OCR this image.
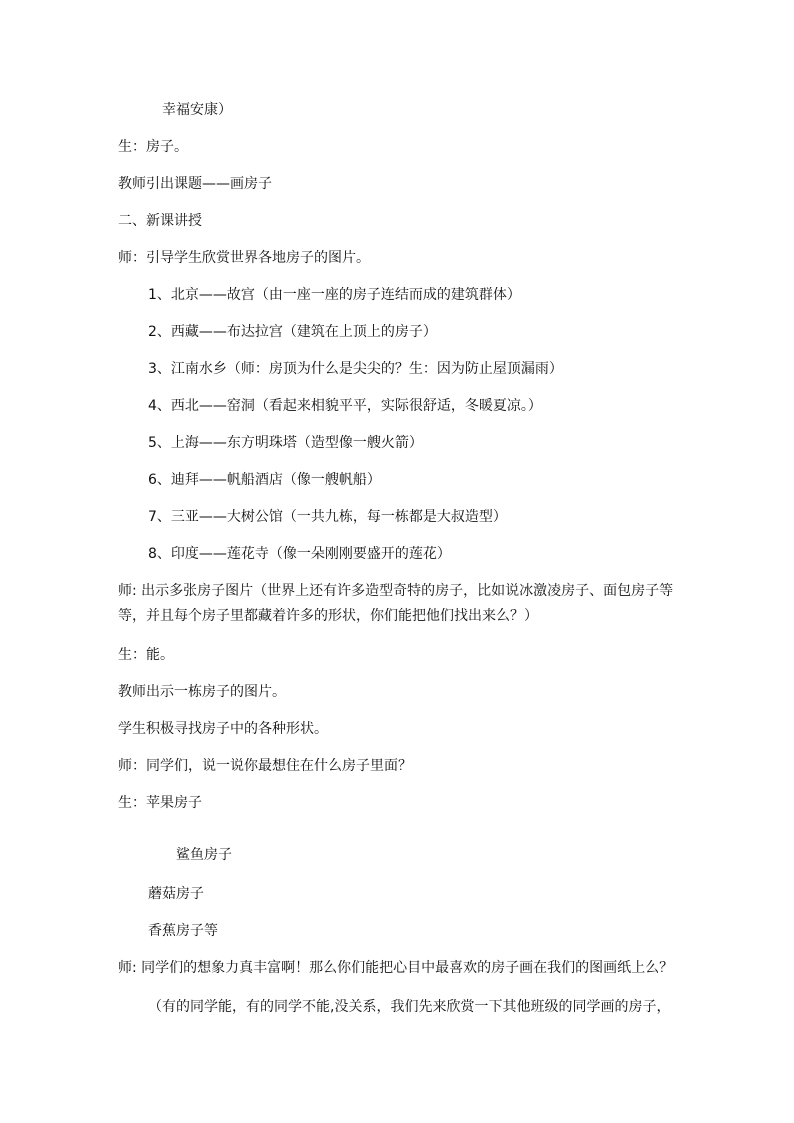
幸福安康）
生：房子。
教师引出课题——画房子
二、新课讲授
师：引导学生欣赏世界各地房子的图片。
1、北京——故宫（由一座一座的房子连结而成的建筑群体）
2、西藏——布达拉宫（建筑在上顶上的房子）
3、江南水乡（师：房顶为什么是尖尖的？生：因为防止屋顶漏雨）
4、西北——窑洞（看起来相貌平平，实际很舒适，冬暖夏凉。）
5、上海——东方明珠塔（造型像一艘火箭）
6、迪拜——帆船酒店（像一艘帆船）
7、三亚——大树公馆（一共九栋，每一栋都是大叔造型）
8、印度——莲花寺（像一朵刚刚要盛开的莲花）
师: 出示多张房子图片（世界上还有许多造型奇特的房子，比如说冰激凌房子、面包房子等
等，并且每个房子里都藏着许多的形状，你们能把他们找出来么？）
生：能。
教师出示一栋房子的图片。
学生积极寻找房子中的各种形状。
师：同学们，说一说你最想住在什么房子里面？
生：苹果房子
鲨鱼房子
蘑菇房子
香蕉房子等
师: 同学们的想象力真丰富啊！那么你们能把心目中最喜欢的房子画在我们的图画纸上么？
（有的同学能，有的同学不能,没关系，我们先来欣赏一下其他班级的同学画的房子，
